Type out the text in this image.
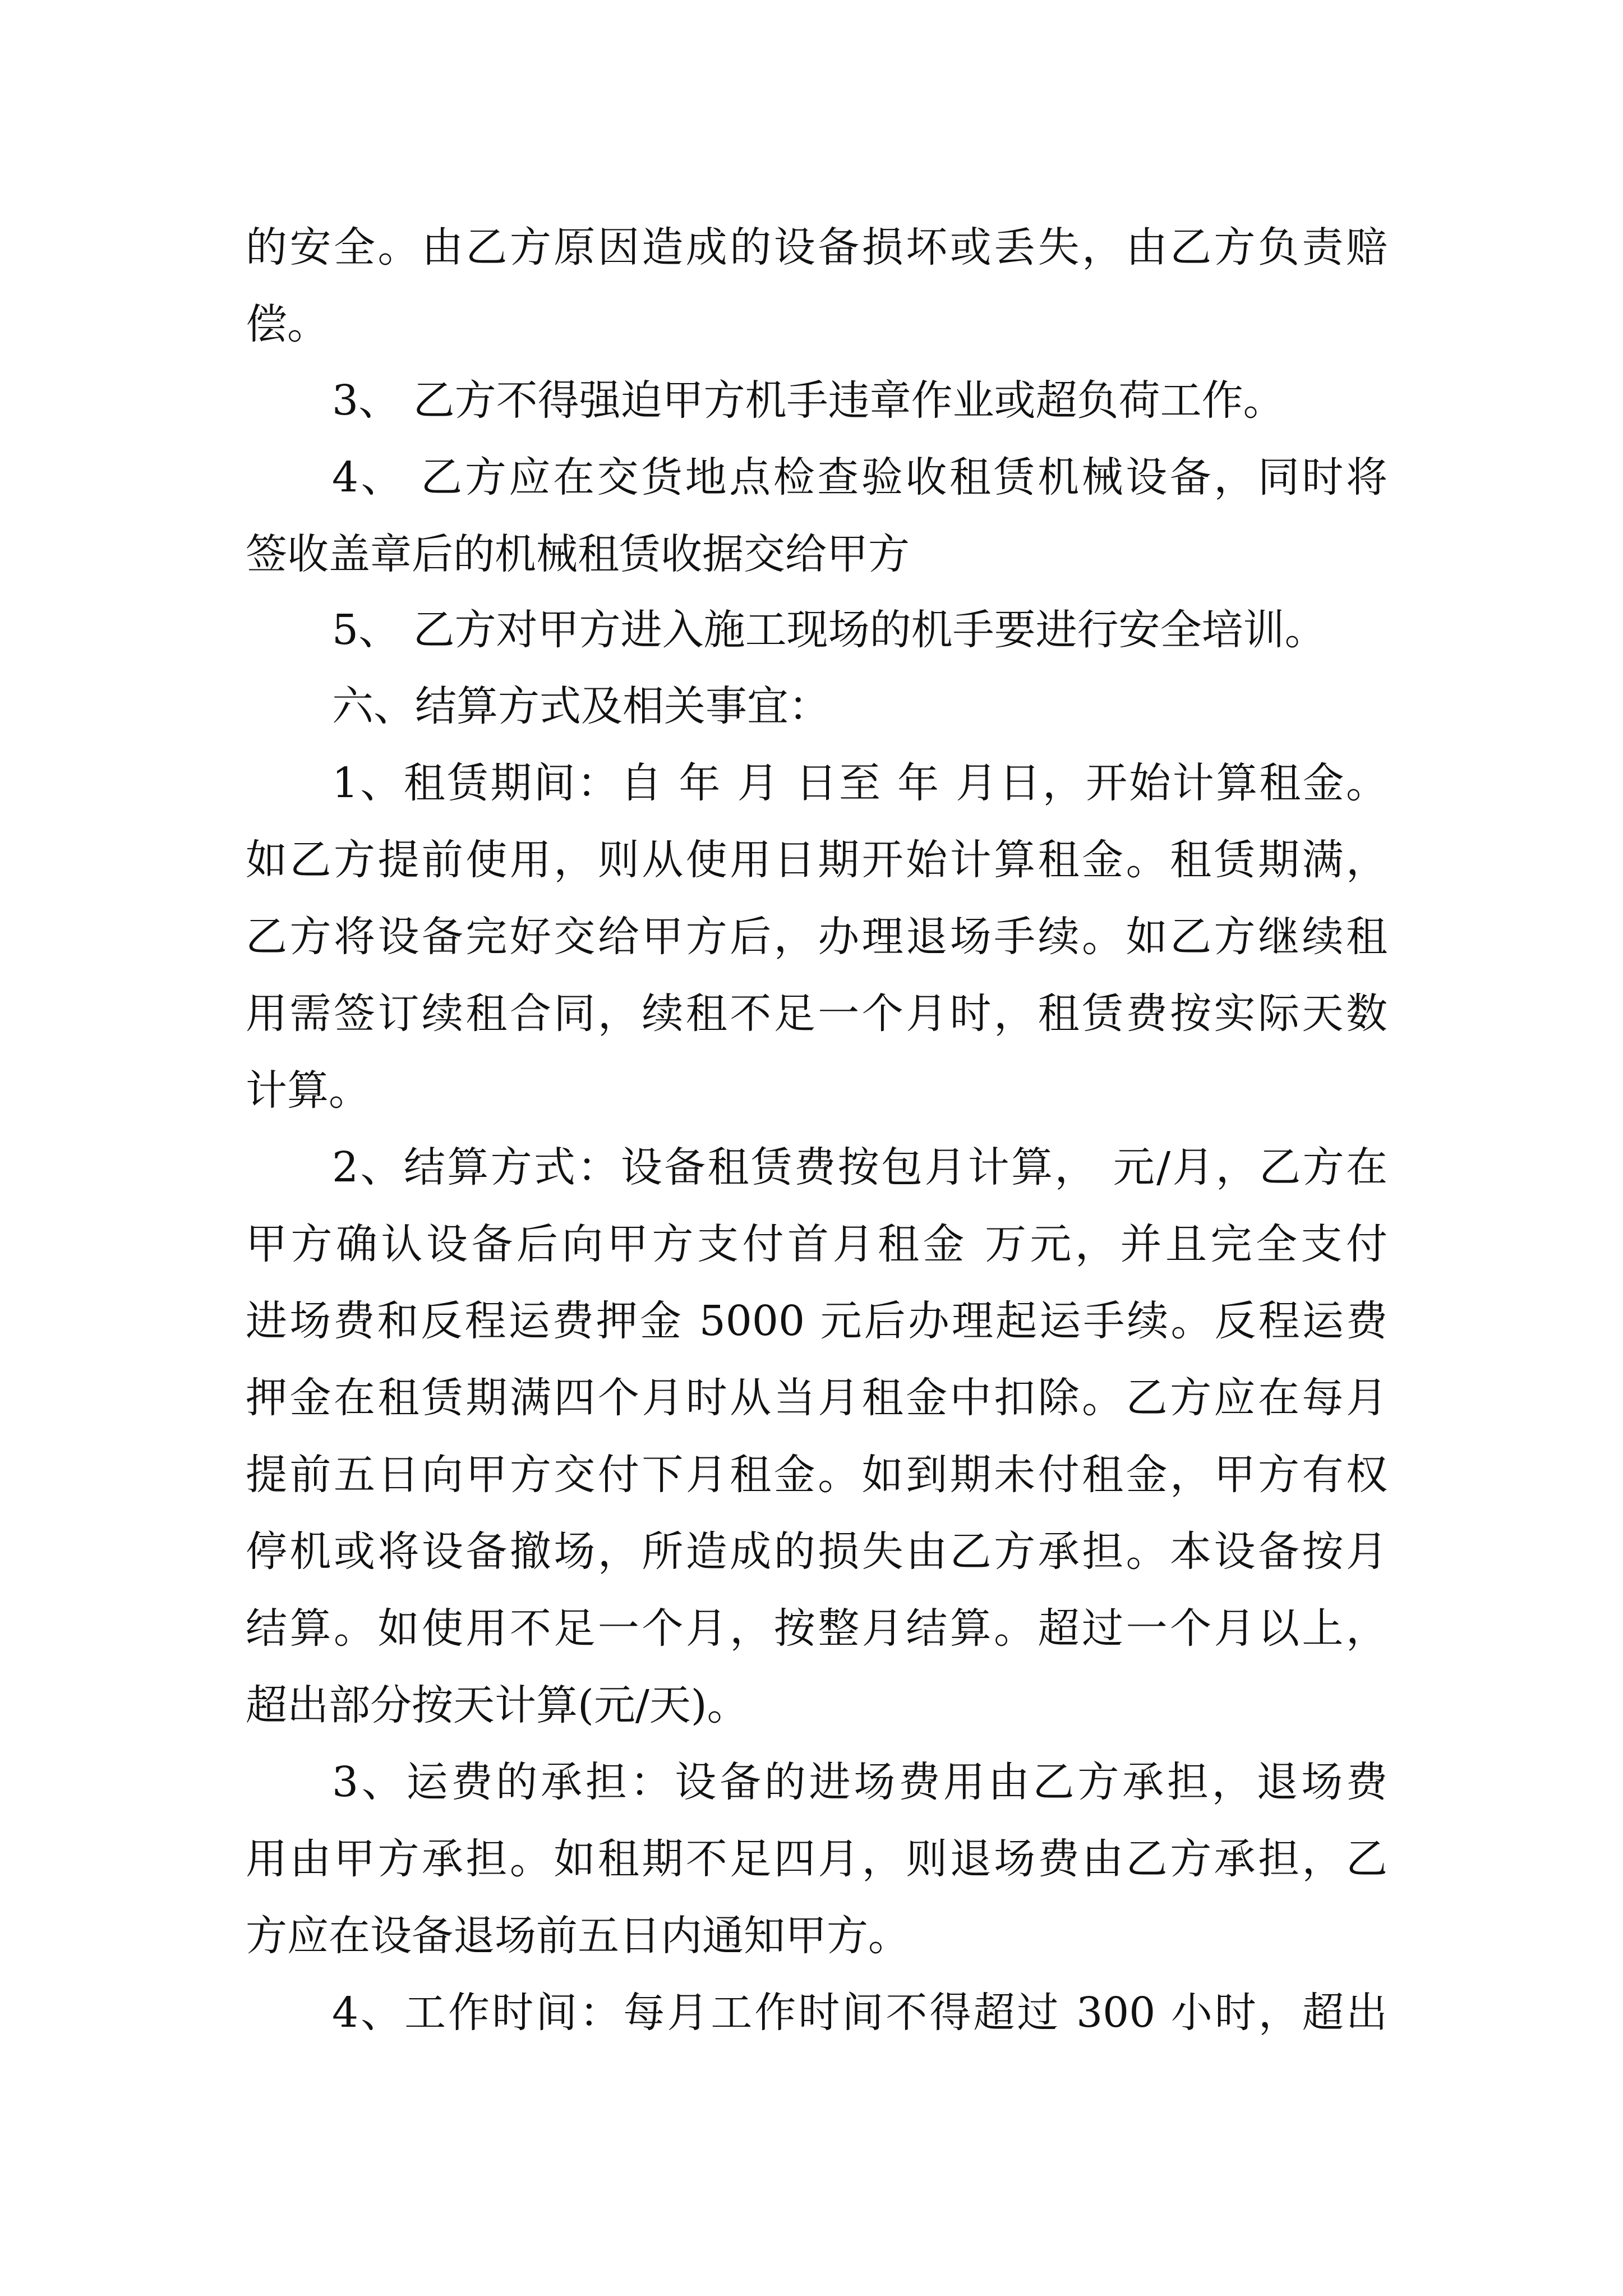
的安全。由乙方原因造成的设备损坏或丢失，由乙方负责赔
偿。
3、 乙方不得强迫甲方机手违章作业或超负荷工作。
4、 乙方应在交货地点检查验收租赁机械设备，同时将
签收盖章后的机械租赁收据交给甲方
5、 乙方对甲方进入施工现场的机手要进行安全培训。
六、结算方式及相关事宜：
1、租赁期间：自 年 月 日至 年 月日，开始计算租金。
如乙方提前使用，则从使用日期开始计算租金。租赁期满，
乙方将设备完好交给甲方后，办理退场手续。如乙方继续租
用需签订续租合同，续租不足一个月时，租赁费按实际天数
计算。
2、结算方式：设备租赁费按包月计算， 元/月，乙方在
甲方确认设备后向甲方支付首月租金 万元，并且完全支付
进场费和反程运费押金 5000 元后办理起运手续。反程运费
押金在租赁期满四个月时从当月租金中扣除。乙方应在每月
提前五日向甲方交付下月租金。如到期未付租金，甲方有权
停机或将设备撤场，所造成的损失由乙方承担。本设备按月
结算。如使用不足一个月，按整月结算。超过一个月以上，
超出部分按天计算(元/天)。
3、运费的承担：设备的进场费用由乙方承担，退场费
用由甲方承担。如租期不足四月，则退场费由乙方承担，乙
方应在设备退场前五日内通知甲方。
4、工作时间：每月工作时间不得超过 300 小时，超出
